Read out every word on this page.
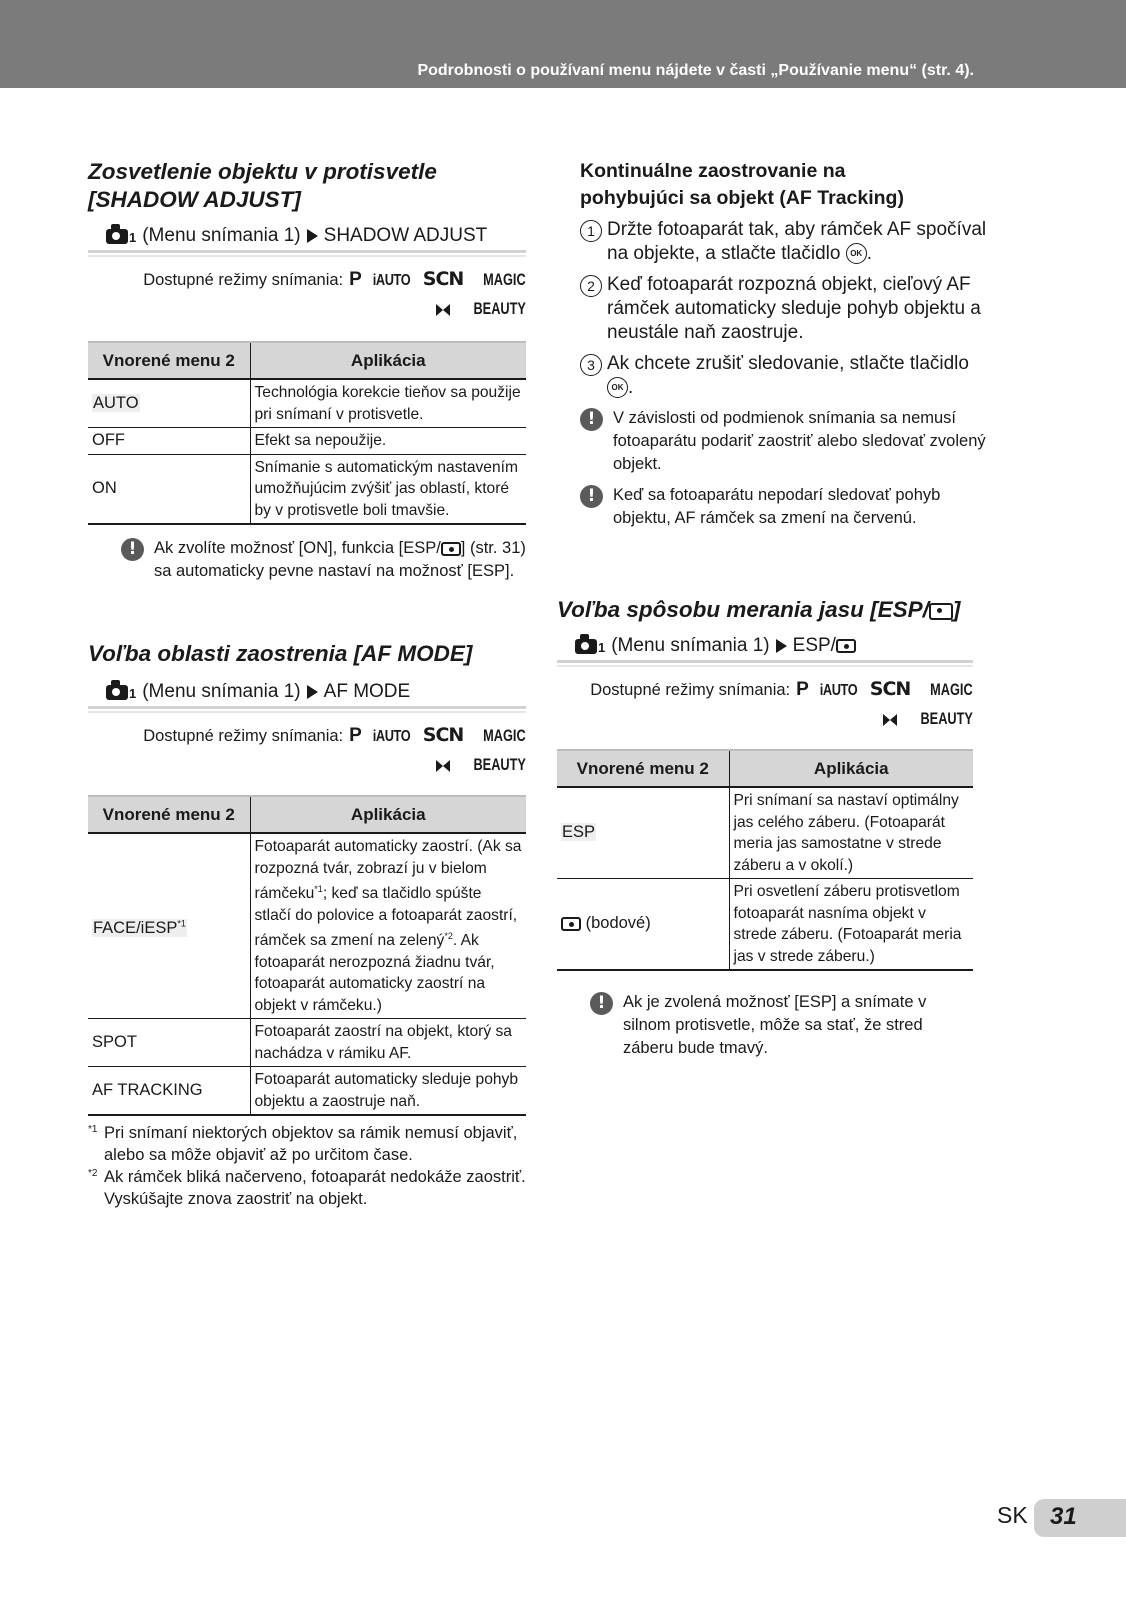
Podrobnosti o používaní menu nájdete v časti „Používanie menu“ (str. 4).
Zosvetlenie objektu v protisvetle
[SHADOW ADJUST]
1 (Menu snímania 1) SHADOW ADJUST
Dostupné režimy snímania: P iAUTO SCN MAGIC
BEAUTY
Vnorené menu 2	Aplikácia
AUTO	Technológia korekcie tieňov sa použije pri snímaní v protisvetle.
OFF	Efekt sa nepoužije.
ON	Snímanie s automatickým nastavením umožňujúcim zvýšiť jas oblastí, ktoré by v protisvetle boli tmavšie.
!	Ak zvolíte možnosť [ON], funkcia [ESP/ ] (str. 31) sa automaticky pevne nastaví na možnosť [ESP].
Voľba oblasti zaostrenia [AF MODE]
1 (Menu snímania 1) AF MODE
Dostupné režimy snímania: P iAUTO SCN MAGIC
BEAUTY
Vnorené menu 2	Aplikácia
FACE/iESP$^{*1}$	Fotoaparát automaticky zaostrí. (Ak sa rozpozná tvár, zobrazí ju v bielom rámčeku$^{*1}$; keď sa tlačidlo spúšte stlačí do polovice a fotoaparát zaostrí, rámček sa zmení na zelený$^{*2}$. Ak fotoaparát nerozpozná žiadnu tvár, fotoaparát automaticky zaostrí na objekt v rámčeku.)
SPOT	Fotoaparát zaostrí na objekt, ktorý sa nachádza v rámiku AF.
AF TRACKING	Fotoaparát automaticky sleduje pohyb objektu a zaostruje naň.
*1 Pri snímaní niektorých objektov sa rámik nemusí objaviť, alebo sa môže objaviť až po určitom čase.
*2 Ak rámček bliká načerveno, fotoaparát nedokáže zaostriť. Vyskúšajte znova zaostriť na objekt.
Kontinuálne zaostrovanie na
pohybujúci sa objekt (AF Tracking)
1 Držte fotoaparát tak, aby rámček AF spočíval na objekte, a stlačte tlačidlo OK .
2 Keď fotoaparát rozpozná objekt, cieľový AF rámček automaticky sleduje pohyb objektu a neustále naň zaostruje.
3 Ak chcete zrušiť sledovanie, stlačte tlačidlo OK .
!	V závislosti od podmienok snímania sa nemusí fotoaparátu podariť zaostriť alebo sledovať zvolený objekt.
!	Keď sa fotoaparátu nepodarí sledovať pohyb objektu, AF rámček sa zmení na červenú.
Voľba spôsobu merania jasu [ESP/ ]
1 (Menu snímania 1) ESP/
Dostupné režimy snímania: P iAUTO SCN MAGIC
BEAUTY
Vnorené menu 2	Aplikácia
ESP	Pri snímaní sa nastaví optimálny jas celého záberu. (Fotoaparát meria jas samostatne v strede záberu a v okolí.)
(bodové)	Pri osvetlení záberu protisvetlom fotoaparát nasníma objekt v strede záberu. (Fotoaparát meria jas v strede záberu.)
!	Ak je zvolená možnosť [ESP] a snímate v silnom protisvetle, môže sa stať, že stred záberu bude tmavý.
SK 31
